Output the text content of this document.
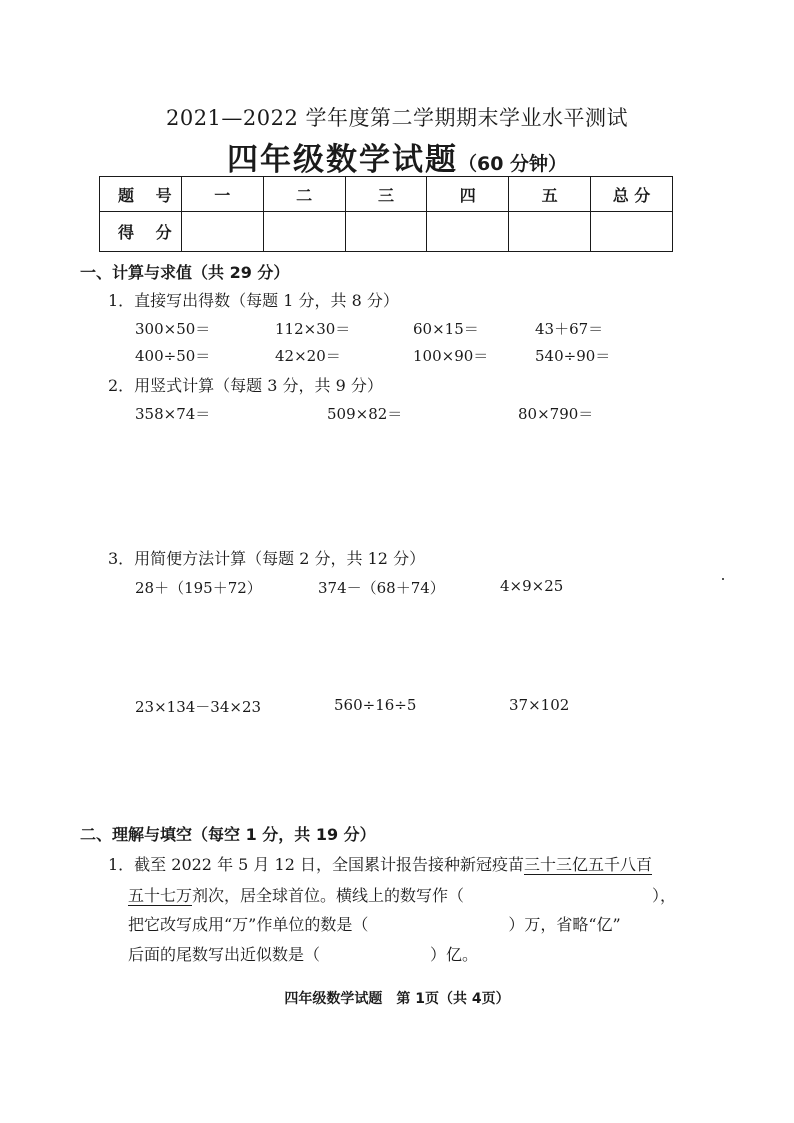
2021—2022 学年度第二学期期末学业水平测试
四年级数学试题（60 分钟）
题 号	一	二	三	四	五	总 分
得 分						
一、计算与求值（共 29 分）
1．直接写出得数（每题 1 分，共 8 分）
300×50＝	112×30＝	60×15＝	43＋67＝
400÷50＝	42×20＝	100×90＝	540÷90＝
2．用竖式计算（每题 3 分，共 9 分）
358×74＝	509×82＝	80×790＝
3．用简便方法计算（每题 2 分，共 12 分）
28＋（195＋72）	374－（68＋74）	4×9×25
23×134－34×23	560÷16÷5	37×102
二、理解与填空（每空 1 分，共 19 分）
1．截至 2022 年 5 月 12 日，全国累计报告接种新冠疫苗三十三亿五千八百
五十七万剂次，居全球首位。横线上的数写作（	），
把它改写成用“万”作单位的数是（	）万，省略“亿”
后面的尾数写出近似数是（	）亿。
四年级数学试题　第 1页（共 4页）
